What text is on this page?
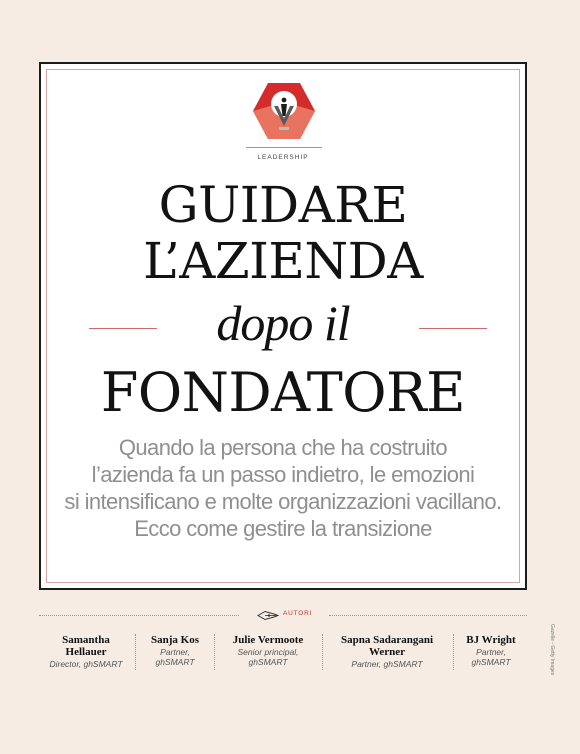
LEADERSHIP
GUIDARE
L’AZIENDA
dopo il
FONDATORE
Quando la persona che ha costruito
l’azienda fa un passo indietro, le emozioni
si intensificano e molte organizzazioni vacillano.
Ecco come gestire la transizione
AUTORI
Samantha
Hellauer
Director, ghSMART
Sanja Kos
Partner,
ghSMART
Julie Vermoote
Senior principal,
ghSMART
Sapna Sadarangani
Werner
Partner, ghSMART
BJ Wright
Partner,
ghSMART	Gazelle - Getty Images
